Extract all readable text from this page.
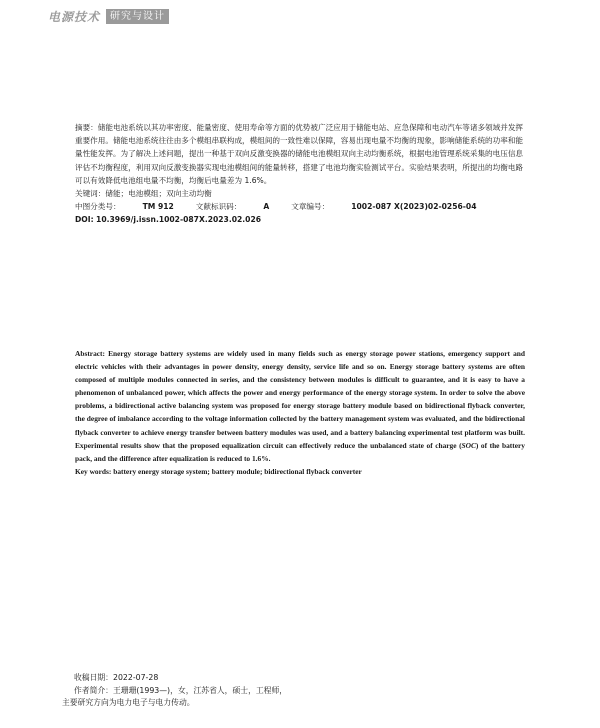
电源技术	研究与设计

摘要：储能电池系统以其功率密度、能量密度、使用寿命等方面的优势被广泛应用于储能电站、应急保障和电动汽车等诸多领域并发挥重要作用。储能电池系统往往由多个模组串联构成，模组间的一致性难以保障，容易出现电量不均衡的现象，影响储能系统的功率和能量性能发挥。为了解决上述问题，提出一种基于双向反激变换器的储能电池模组双向主动均衡系统，根据电池管理系统采集的电压信息评估不均衡程度，利用双向反激变换器实现电池模组间的能量转移，搭建了电池均衡实验测试平台。实验结果表明，所提出的均衡电路可以有效降低电池组电量不均衡，均衡后电量差为 1.6%。

关键词：储能；电池模组；双向主动均衡

中图分类号：	TM 912	文献标识码：	A	文章编号：	1002-087 X(2023)02-0256-04

DOI: 10.3969/j.issn.1002-087X.2023.02.026

Abstract: Energy storage battery systems are widely used in many fields such as energy storage power stations, emergency support and electric vehicles with their advantages in power density, energy density, service life and so on. Energy storage battery systems are often composed of multiple modules connected in series, and the consistency between modules is difficult to guarantee, and it is easy to have a phenomenon of unbalanced power, which affects the power and energy performance of the energy storage system. In order to solve the above problems, a bidirectional active balancing system was proposed for energy storage battery module based on bidirectional flyback converter, the degree of imbalance according to the voltage information collected by the battery management system was evaluated, and the bidirectional flyback converter to achieve energy transfer between battery modules was used, and a battery balancing experimental test platform was built. Experimental results show that the proposed equalization circuit can effectively reduce the unbalanced state of charge (SOC) of the battery pack, and the difference after equalization is reduced to 1.6%.

Key words: battery energy storage system; battery module; bidirectional flyback converter

收稿日期：2022-07-28

作者简介：王珊珊(1993—)，女，江苏省人，硕士，工程师，

主要研究方向为电力电子与电力传动。
